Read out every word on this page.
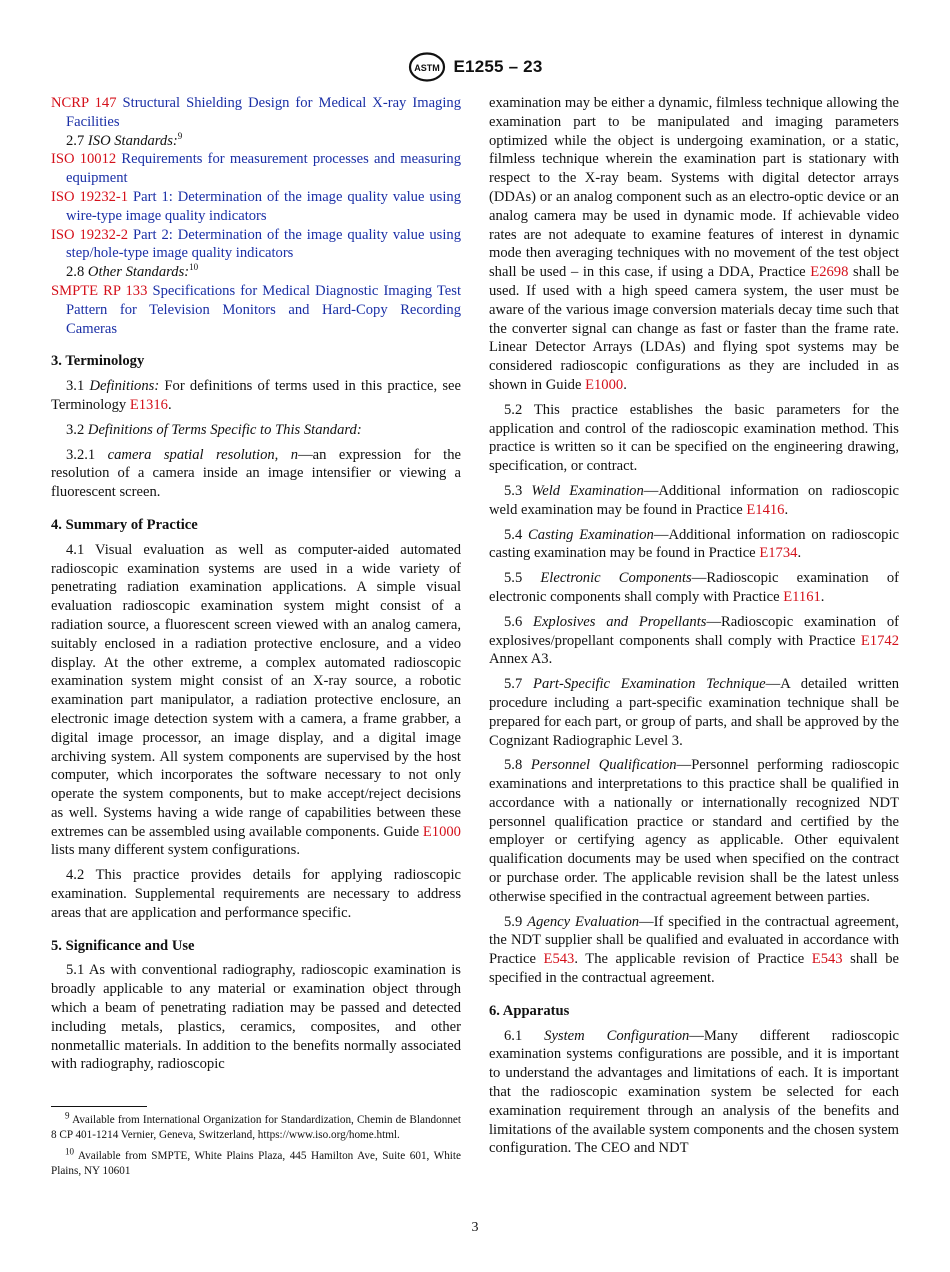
ASTM E1255 – 23

NCRP 147 Structural Shielding Design for Medical X-ray Imaging Facilities

2.7 ISO Standards:$^9$

ISO 10012 Requirements for measurement processes and measuring equipment

ISO 19232-1 Part 1: Determination of the image quality value using wire-type image quality indicators

ISO 19232-2 Part 2: Determination of the image quality value using step/hole-type image quality indicators

2.8 Other Standards:$^{10}$

SMPTE RP 133 Specifications for Medical Diagnostic Imaging Test Pattern for Television Monitors and Hard-Copy Recording Cameras

3. Terminology

3.1 Definitions: For definitions of terms used in this practice, see Terminology E1316.

3.2 Definitions of Terms Specific to This Standard:

3.2.1 camera spatial resolution, n—an expression for the resolution of a camera inside an image intensifier or viewing a fluorescent screen.

4. Summary of Practice

4.1 Visual evaluation as well as computer-aided automated radioscopic examination systems are used in a wide variety of penetrating radiation examination applications. A simple visual evaluation radioscopic examination system might consist of a radiation source, a fluorescent screen viewed with an analog camera, suitably enclosed in a radiation protective enclosure, and a video display. At the other extreme, a complex automated radioscopic examination system might consist of an X-ray source, a robotic examination part manipulator, a radiation protective enclosure, an electronic image detection system with a camera, a frame grabber, a digital image processor, an image display, and a digital image archiving system. All system components are supervised by the host computer, which incorporates the software necessary to not only operate the system components, but to make accept/reject decisions as well. Systems having a wide range of capabilities between these extremes can be assembled using available components. Guide E1000 lists many different system configurations.

4.2 This practice provides details for applying radioscopic examination. Supplemental requirements are necessary to address areas that are application and performance specific.

5. Significance and Use

5.1 As with conventional radiography, radioscopic examination is broadly applicable to any material or examination object through which a beam of penetrating radiation may be passed and detected including metals, plastics, ceramics, composites, and other nonmetallic materials. In addition to the benefits normally associated with radiography, radioscopic

$^9$ Available from International Organization for Standardization, Chemin de Blandonnet 8 CP 401-1214 Vernier, Geneva, Switzerland, https://www.iso.org/home.html.

$^{10}$ Available from SMPTE, White Plains Plaza, 445 Hamilton Ave, Suite 601, White Plains, NY 10601

examination may be either a dynamic, filmless technique allowing the examination part to be manipulated and imaging parameters optimized while the object is undergoing examination, or a static, filmless technique wherein the examination part is stationary with respect to the X-ray beam. Systems with digital detector arrays (DDAs) or an analog component such as an electro-optic device or an analog camera may be used in dynamic mode. If achievable video rates are not adequate to examine features of interest in dynamic mode then averaging techniques with no movement of the test object shall be used – in this case, if using a DDA, Practice E2698 shall be used. If used with a high speed camera system, the user must be aware of the various image conversion materials decay time such that the converter signal can change as fast or faster than the frame rate. Linear Detector Arrays (LDAs) and flying spot systems may be considered radioscopic configurations as they are included in as shown in Guide E1000.

5.2 This practice establishes the basic parameters for the application and control of the radioscopic examination method. This practice is written so it can be specified on the engineering drawing, specification, or contract.

5.3 Weld Examination—Additional information on radioscopic weld examination may be found in Practice E1416.

5.4 Casting Examination—Additional information on radioscopic casting examination may be found in Practice E1734.

5.5 Electronic Components—Radioscopic examination of electronic components shall comply with Practice E1161.

5.6 Explosives and Propellants—Radioscopic examination of explosives/propellant components shall comply with Practice E1742 Annex A3.

5.7 Part-Specific Examination Technique—A detailed written procedure including a part-specific examination technique shall be prepared for each part, or group of parts, and shall be approved by the Cognizant Radiographic Level 3.

5.8 Personnel Qualification—Personnel performing radioscopic examinations and interpretations to this practice shall be qualified in accordance with a nationally or internationally recognized NDT personnel qualification practice or standard and certified by the employer or certifying agency as applicable. Other equivalent qualification documents may be used when specified on the contract or purchase order. The applicable revision shall be the latest unless otherwise specified in the contractual agreement between parties.

5.9 Agency Evaluation—If specified in the contractual agreement, the NDT supplier shall be qualified and evaluated in accordance with Practice E543. The applicable revision of Practice E543 shall be specified in the contractual agreement.

6. Apparatus

6.1 System Configuration—Many different radioscopic examination systems configurations are possible, and it is important to understand the advantages and limitations of each. It is important that the radioscopic examination system be selected for each examination requirement through an analysis of the benefits and limitations of the available system components and the chosen system configuration. The CEO and NDT

3
